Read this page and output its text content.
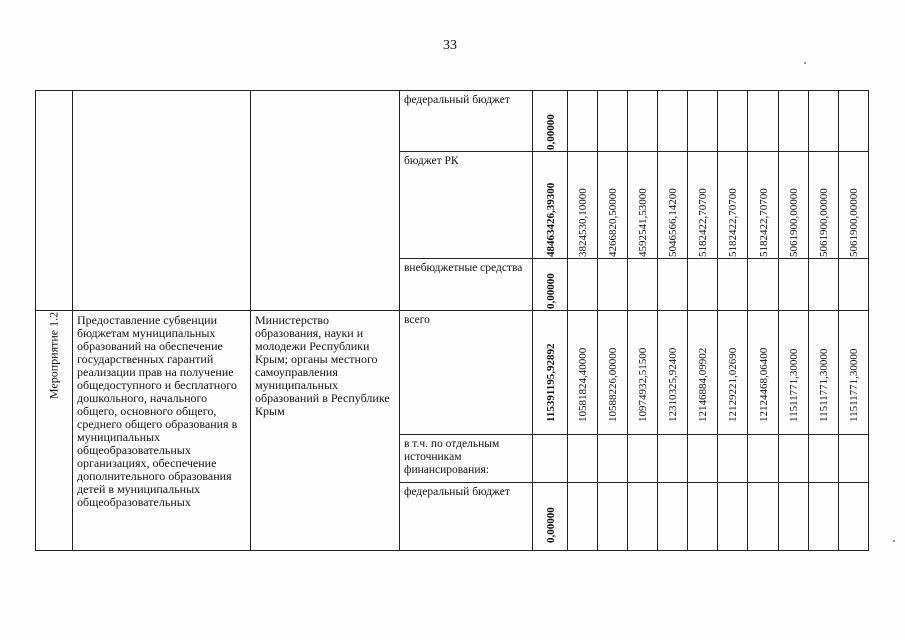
33

			федеральный бюджет	0,00000										

			бюджет РК	48463426,39300	3824530,10000	4266820,50000	4592541,53000	5046566,14200	5182422,70700	5182422,70700	5182422,70700	5061900,00000	5061900,00000	5061900,00000

			внебюджетные средства	0,00000										

Мероприятие 1.2	Предоставление субвенции бюджетам муниципальных образований на обеспечение государственных гарантий реализации прав на получение общедоступного и бесплатного дошкольного, начального общего, основного общего, среднего общего образования в муниципальных общеобразовательных организациях, обеспечение дополнительного образования детей в муниципальных общеобразовательных	Министерство образования, науки и молодежи Республики Крым; органы местного самоуправления муниципальных образований в Республике Крым	всего	115391195,92892	10581824,40000	10588226,00000	10974932,51500	12310325,92400	12146884,09902	12129221,02690	12124468,06400	11511771,30000	11511771,30000	11511771,30000

			в т.ч. по отдельным источникам финансирования:											

			федеральный бюджет	0,00000										
